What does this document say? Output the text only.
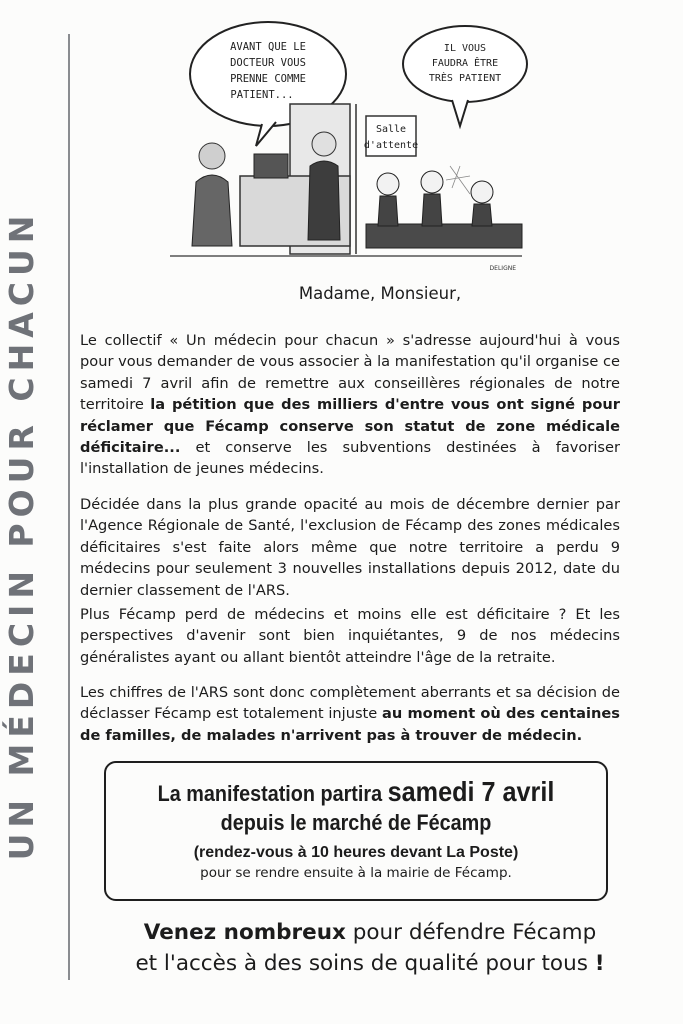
UN MÉDECIN POUR CHACUN
AVANT QUE LE
DOCTEUR VOUS
PRENNE COMME
PATIENT...
IL VOUS
FAUDRA ÊTRE
TRÈS PATIENT
Salle
d'attente
DELIGNE
Madame, Monsieur,
Le collectif « Un médecin pour chacun » s'adresse aujourd'hui à vous pour vous demander de vous associer à la manifestation qu'il organise ce samedi 7 avril afin de remettre aux conseillères régionales de notre territoire la pétition que des milliers d'entre vous ont signé pour réclamer que Fécamp conserve son statut de zone médicale déficitaire... et conserve les subventions destinées à favoriser l'installation de jeunes médecins.
Décidée dans la plus grande opacité au mois de décembre dernier par l'Agence Régionale de Santé, l'exclusion de Fécamp des zones médicales déficitaires s'est faite alors même que notre territoire a perdu 9 médecins pour seulement 3 nouvelles installations depuis 2012, date du dernier classement de l'ARS.
Plus Fécamp perd de médecins et moins elle est déficitaire ? Et les perspectives d'avenir sont bien inquiétantes, 9 de nos médecins généralistes ayant ou allant bientôt atteindre l'âge de la retraite.
Les chiffres de l'ARS sont donc complètement aberrants et sa décision de déclasser Fécamp est totalement injuste au moment où des centaines de familles, de malades n'arrivent pas à trouver de médecin.
La manifestation partira samedi 7 avril
depuis le marché de Fécamp
(rendez-vous à 10 heures devant La Poste)
pour se rendre ensuite à la mairie de Fécamp.
Venez nombreux pour défendre Fécamp
et l'accès à des soins de qualité pour tous !
